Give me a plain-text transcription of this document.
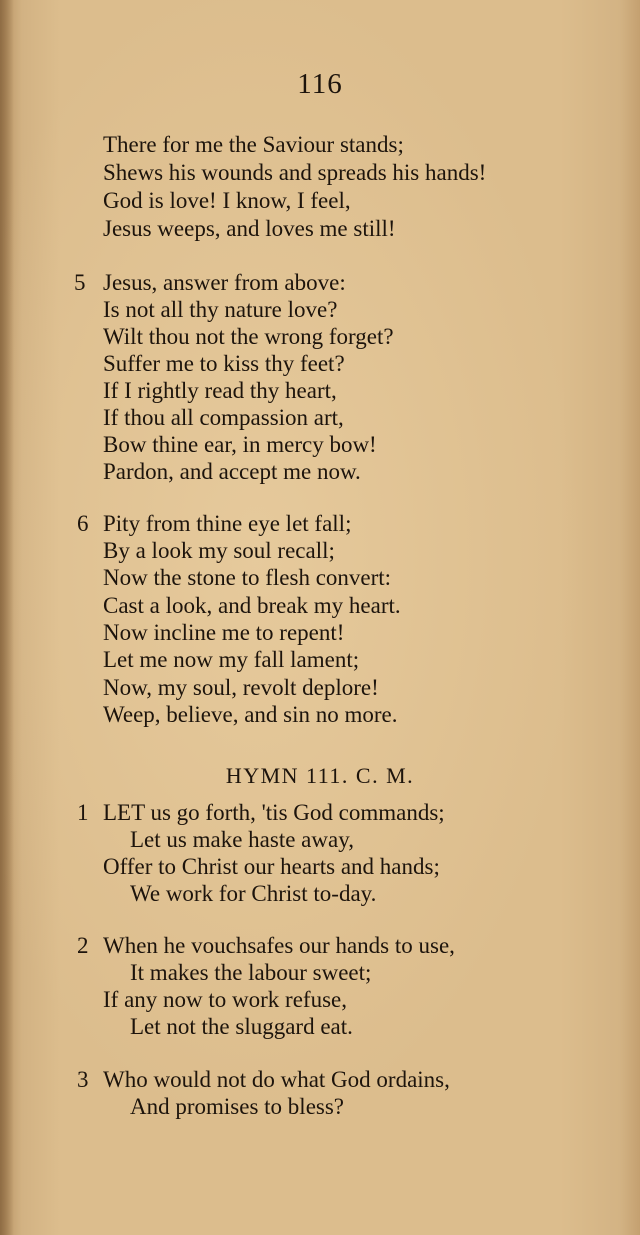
116
There for me the Saviour stands;
Shews his wounds and spreads his hands!
God is love! I know, I feel,
Jesus weeps, and loves me still!
5 Jesus, answer from above:
Is not all thy nature love?
Wilt thou not the wrong forget?
Suffer me to kiss thy feet?
If I rightly read thy heart,
If thou all compassion art,
Bow thine ear, in mercy bow!
Pardon, and accept me now.
6 Pity from thine eye let fall;
By a look my soul recall;
Now the stone to flesh convert:
Cast a look, and break my heart.
Now incline me to repent!
Let me now my fall lament;
Now, my soul, revolt deplore!
Weep, believe, and sin no more.
HYMN 111. C. M.
1 LET us go forth, 'tis God commands;
Let us make haste away,
Offer to Christ our hearts and hands;
We work for Christ to-day.
2 When he vouchsafes our hands to use,
It makes the labour sweet;
If any now to work refuse,
Let not the sluggard eat.
3 Who would not do what God ordains,
And promises to bless?
